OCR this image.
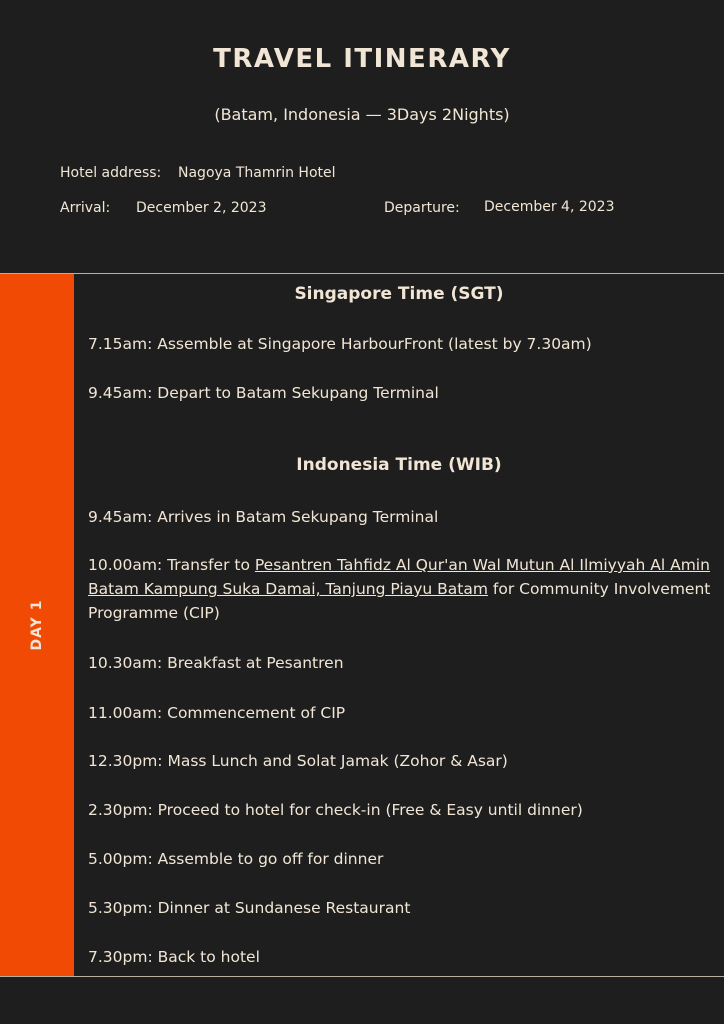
TRAVEL ITINERARY
(Batam, Indonesia — 3Days 2Nights)
Hotel address: Nagoya Thamrin Hotel
Arrival: December 2, 2023	Departure: December 4, 2023
DAY 1
Singapore Time (SGT)
7.15am: Assemble at Singapore HarbourFront (latest by 7.30am)
9.45am: Depart to Batam Sekupang Terminal
Indonesia Time (WIB)
9.45am: Arrives in Batam Sekupang Terminal
10.00am: Transfer to Pesantren Tahfidz Al Qur'an Wal Mutun Al Ilmiyyah Al Amin Batam Kampung Suka Damai, Tanjung Piayu Batam for Community Involvement Programme (CIP)
10.30am: Breakfast at Pesantren
11.00am: Commencement of CIP
12.30pm: Mass Lunch and Solat Jamak (Zohor & Asar)
2.30pm: Proceed to hotel for check-in (Free & Easy until dinner)
5.00pm: Assemble to go off for dinner
5.30pm: Dinner at Sundanese Restaurant
7.30pm: Back to hotel
